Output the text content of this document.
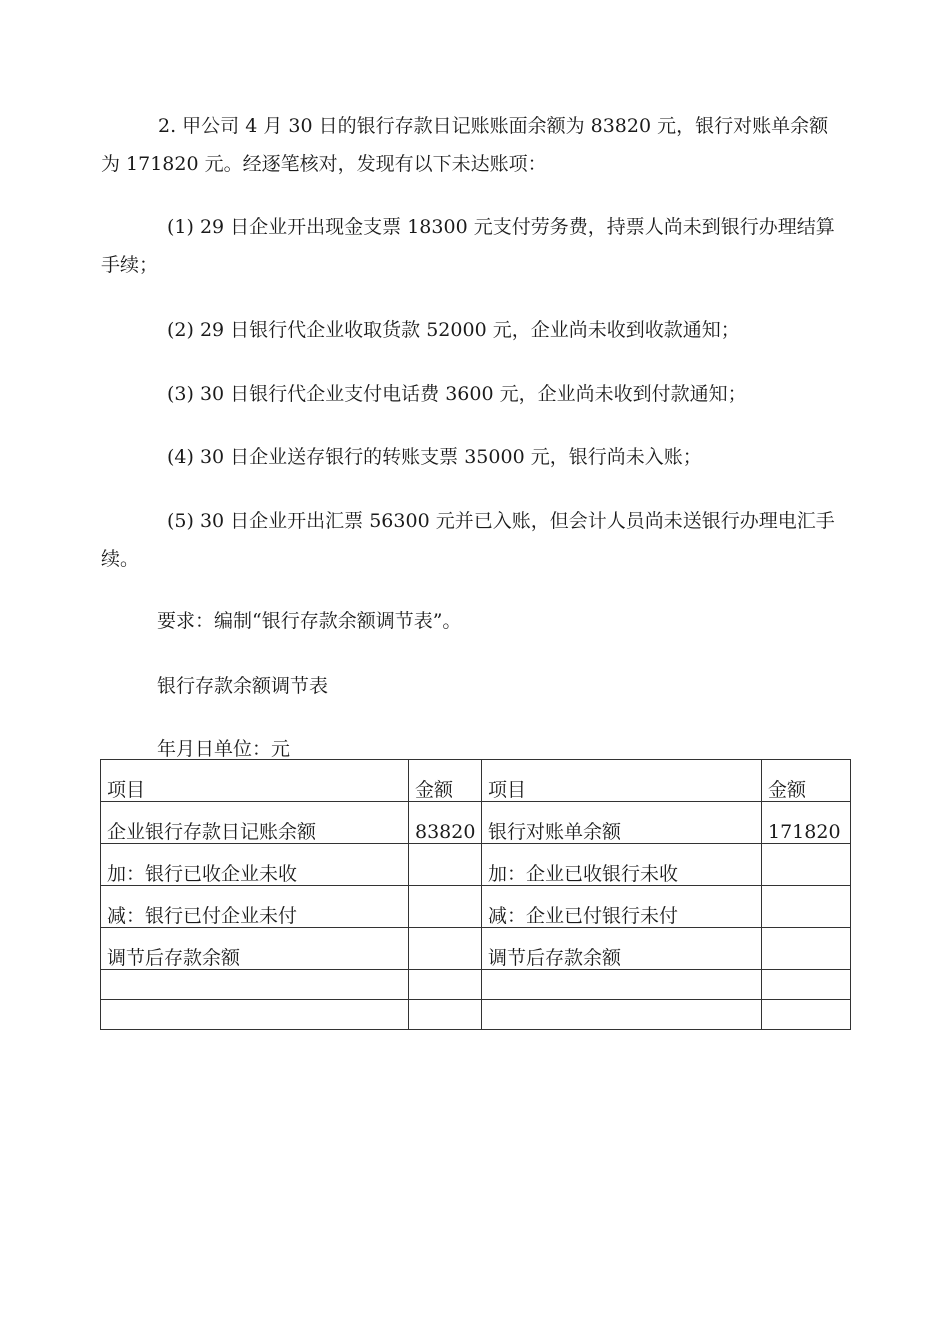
2. 甲公司 4 月 30 日的银行存款日记账账面余额为 83820 元，银行对账单余额为 171820 元。经逐笔核对，发现有以下未达账项：

(1) 29 日企业开出现金支票 18300 元支付劳务费，持票人尚未到银行办理结算手续；

(2) 29 日银行代企业收取货款 52000 元，企业尚未收到收款通知；

(3) 30 日银行代企业支付电话费 3600 元，企业尚未收到付款通知；

(4) 30 日企业送存银行的转账支票 35000 元，银行尚未入账；

(5) 30 日企业开出汇票 56300 元并已入账，但会计人员尚未送银行办理电汇手续。

要求：编制“银行存款余额调节表”。

银行存款余额调节表

年月日单位：元

项目	金额	项目	金额
企业银行存款日记账余额	83820	银行对账单余额	171820
加：银行已收企业未收		加：企业已收银行未收	
减：银行已付企业未付		减：企业已付银行未付	
调节后存款余额		调节后存款余额	
